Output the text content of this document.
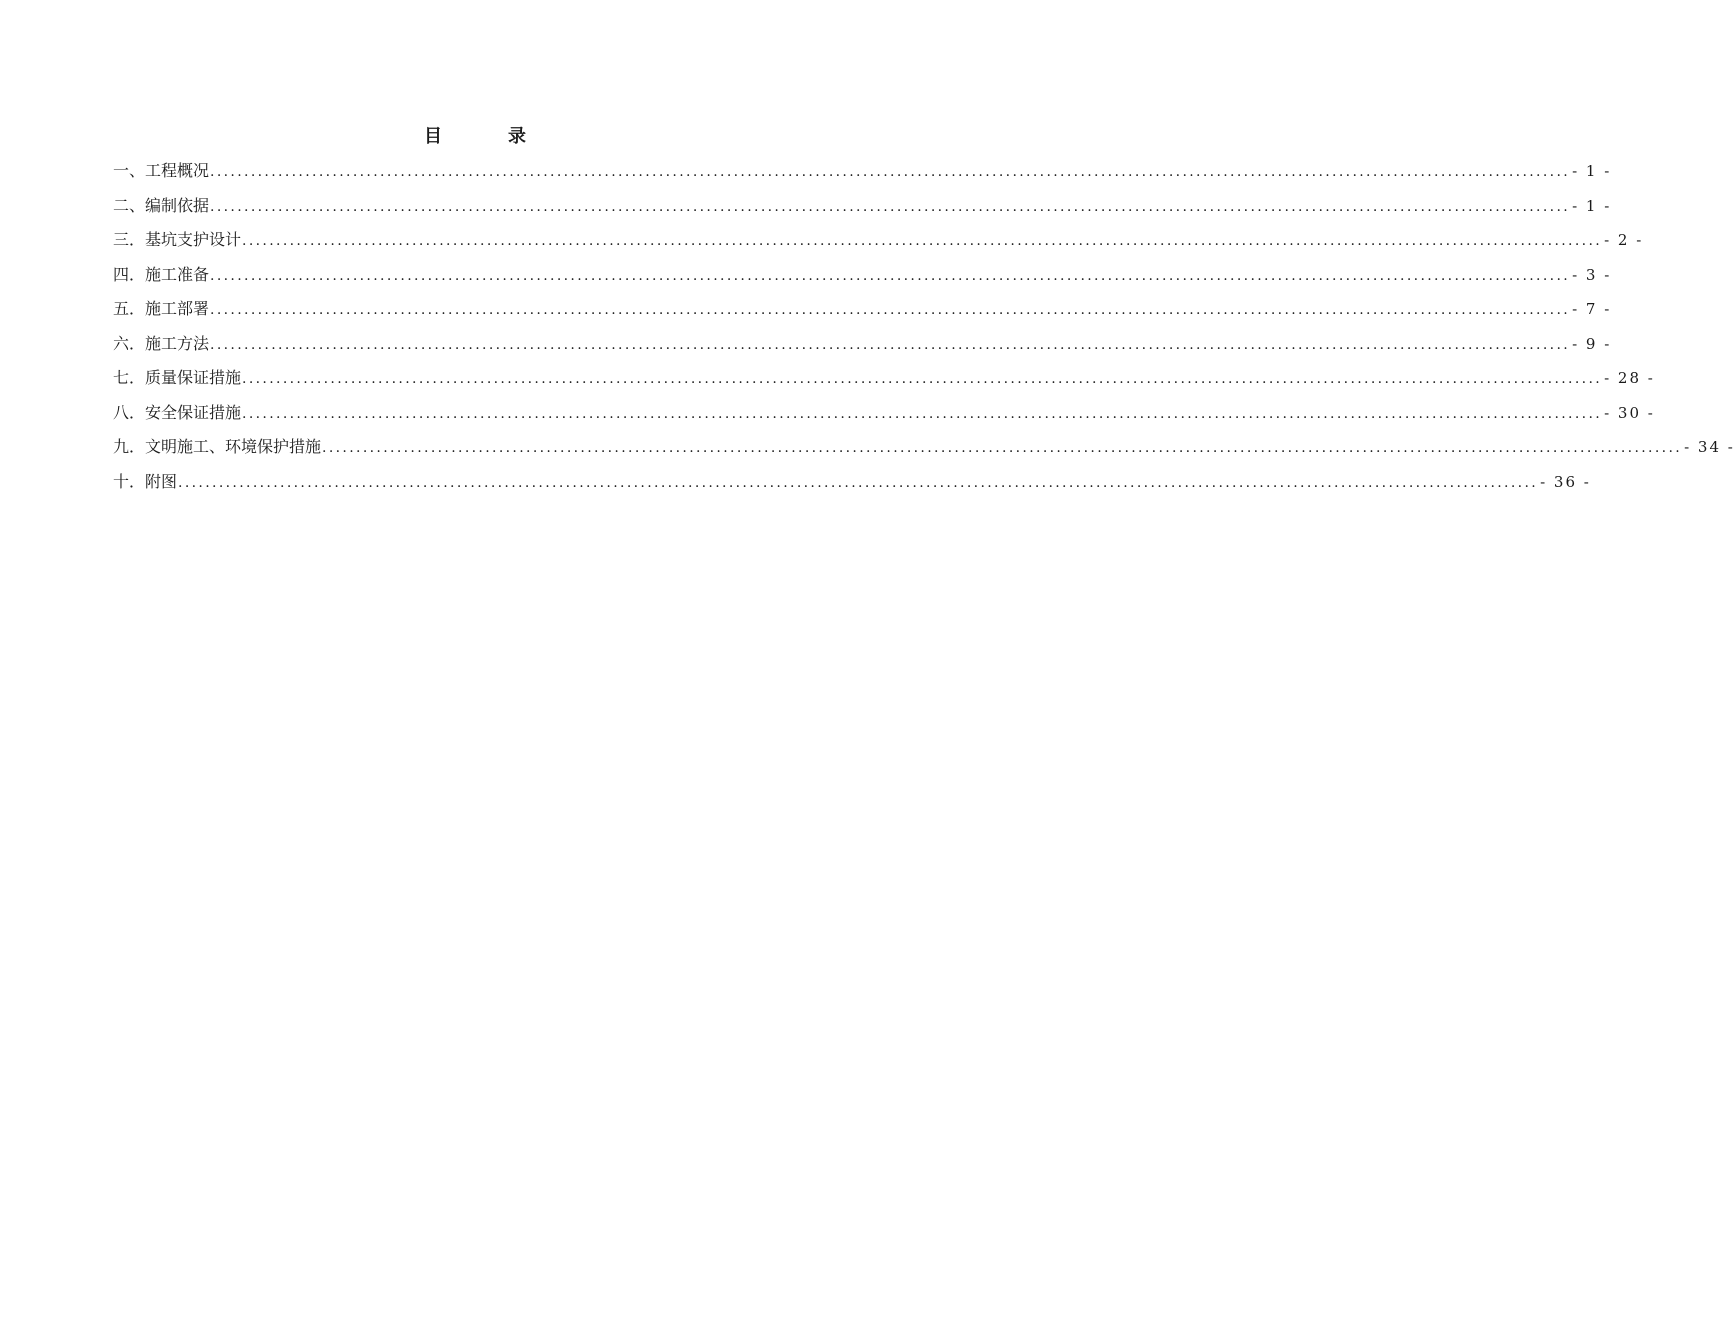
目	录
一、工程概况 ........................................................................................................................................................................................................ - 1 -
二、编制依据 ........................................................................................................................................................................................................ - 1 -
三．基坑支护设计 ........................................................................................................................................................................................................ - 2 -
四．施工准备 ........................................................................................................................................................................................................ - 3 -
五．施工部署 ........................................................................................................................................................................................................ - 7 -
六．施工方法 ........................................................................................................................................................................................................ - 9 -
七．质量保证措施 ........................................................................................................................................................................................................ - 28 -
八．安全保证措施 ........................................................................................................................................................................................................ - 30 -
九．文明施工、环境保护措施 ........................................................................................................................................................................................................ - 34 -
十．附图 ........................................................................................................................................................................................................ - 36 -
